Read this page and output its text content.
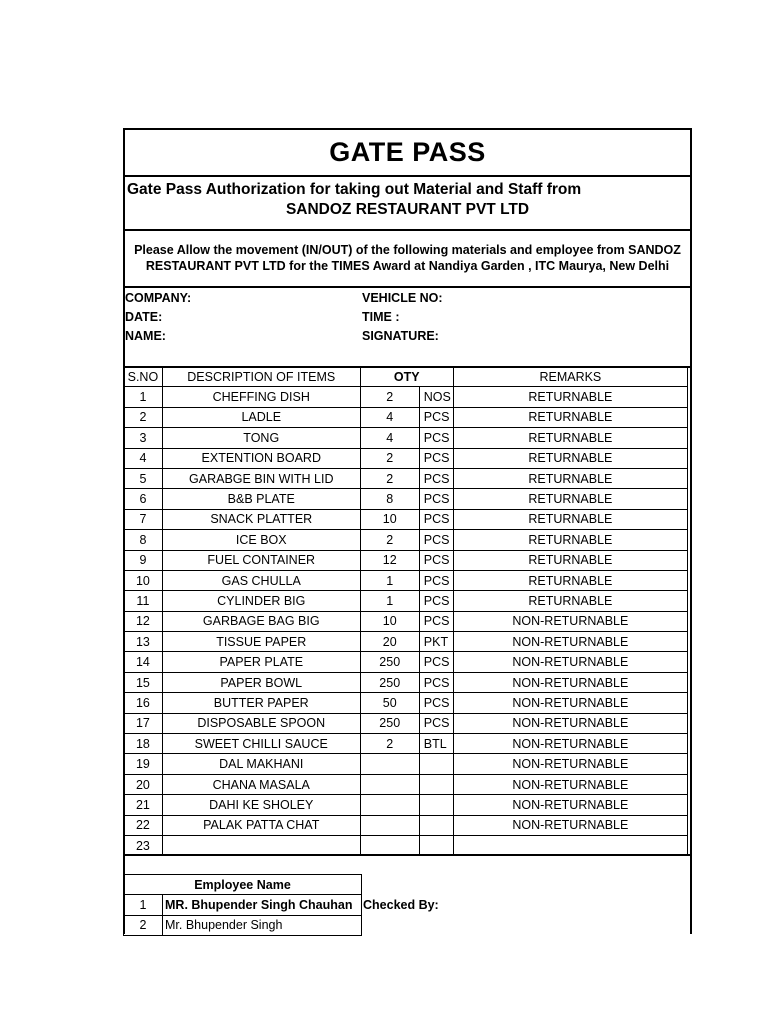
GATE PASS
Gate Pass Authorization for taking out Material and Staff from
SANDOZ RESTAURANT PVT LTD
Please Allow the movement (IN/OUT) of the following materials and employee from SANDOZ
RESTAURANT PVT LTD for the TIMES Award at Nandiya Garden , ITC Maurya, New Delhi
COMPANY:
DATE:
NAME:
VEHICLE NO:
TIME :
SIGNATURE:
S.NO	DESCRIPTION OF ITEMS	OTY		REMARKS
1	CHEFFING DISH	2	NOS	RETURNABLE
2	LADLE	4	PCS	RETURNABLE
3	TONG	4	PCS	RETURNABLE
4	EXTENTION BOARD	2	PCS	RETURNABLE
5	GARABGE BIN WITH LID	2	PCS	RETURNABLE
6	B&B PLATE	8	PCS	RETURNABLE
7	SNACK PLATTER	10	PCS	RETURNABLE
8	ICE BOX	2	PCS	RETURNABLE
9	FUEL CONTAINER	12	PCS	RETURNABLE
10	GAS CHULLA	1	PCS	RETURNABLE
11	CYLINDER BIG	1	PCS	RETURNABLE
12	GARBAGE BAG BIG	10	PCS	NON-RETURNABLE
13	TISSUE PAPER	20	PKT	NON-RETURNABLE
14	PAPER PLATE	250	PCS	NON-RETURNABLE
15	PAPER BOWL	250	PCS	NON-RETURNABLE
16	BUTTER PAPER	50	PCS	NON-RETURNABLE
17	DISPOSABLE SPOON	250	PCS	NON-RETURNABLE
18	SWEET CHILLI SAUCE	2	BTL	NON-RETURNABLE
19	DAL MAKHANI			NON-RETURNABLE
20	CHANA MASALA			NON-RETURNABLE
21	DAHI KE SHOLEY			NON-RETURNABLE
22	PALAK PATTA CHAT			NON-RETURNABLE
23				
Employee Name	
1	MR. Bhupender Singh Chauhan
2	Mr. Bhupender Singh
Checked By:
